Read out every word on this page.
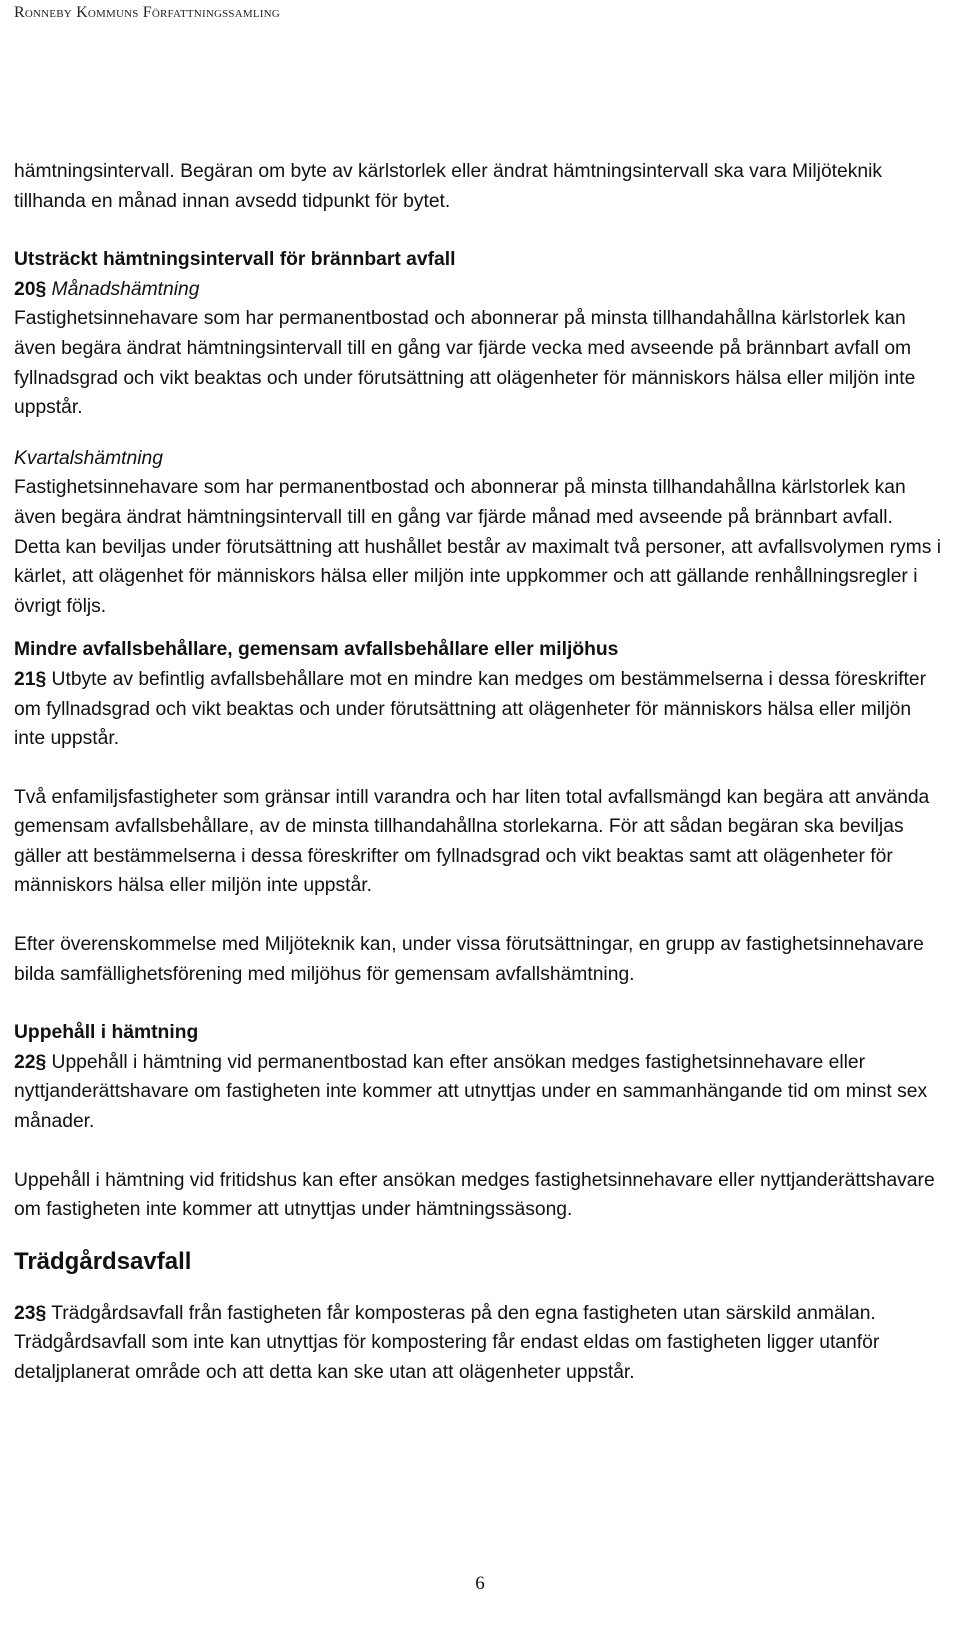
Ronneby Kommuns Författningssamling

hämtningsintervall. Begäran om byte av kärlstorlek eller ändrat hämtningsintervall ska vara Miljöteknik tillhanda en månad innan avsedd tidpunkt för bytet.

Utsträckt hämtningsintervall för brännbart avfall

20§ Månadshämtning

Fastighetsinnehavare som har permanentbostad och abonnerar på minsta tillhandahållna kärlstorlek kan även begära ändrat hämtningsintervall till en gång var fjärde vecka med avseende på brännbart avfall om fyllnadsgrad och vikt beaktas och under förutsättning att olägenheter för människors hälsa eller miljön inte uppstår.

Kvartalshämtning

Fastighetsinnehavare som har permanentbostad och abonnerar på minsta tillhandahållna kärlstorlek kan även begära ändrat hämtningsintervall till en gång var fjärde månad med avseende på brännbart avfall. Detta kan beviljas under förutsättning att hushållet består av maximalt två personer, att avfallsvolymen ryms i kärlet, att olägenhet för människors hälsa eller miljön inte uppkommer och att gällande renhållningsregler i övrigt följs.

Mindre avfallsbehållare, gemensam avfallsbehållare eller miljöhus

21§ Utbyte av befintlig avfallsbehållare mot en mindre kan medges om bestämmelserna i dessa föreskrifter om fyllnadsgrad och vikt beaktas och under förutsättning att olägenheter för människors hälsa eller miljön inte uppstår.

Två enfamiljsfastigheter som gränsar intill varandra och har liten total avfallsmängd kan begära att använda gemensam avfallsbehållare, av de minsta tillhandahållna storlekarna. För att sådan begäran ska beviljas gäller att bestämmelserna i dessa föreskrifter om fyllnadsgrad och vikt beaktas samt att olägenheter för människors hälsa eller miljön inte uppstår.

Efter överenskommelse med Miljöteknik kan, under vissa förutsättningar, en grupp av fastighetsinnehavare bilda samfällighetsförening med miljöhus för gemensam avfallshämtning.

Uppehåll i hämtning

22§ Uppehåll i hämtning vid permanentbostad kan efter ansökan medges fastighetsinnehavare eller nyttjanderättshavare om fastigheten inte kommer att utnyttjas under en sammanhängande tid om minst sex månader.

Uppehåll i hämtning vid fritidshus kan efter ansökan medges fastighetsinnehavare eller nyttjanderättshavare om fastigheten inte kommer att utnyttjas under hämtningssäsong.

Trädgårdsavfall

23§ Trädgårdsavfall från fastigheten får komposteras på den egna fastigheten utan särskild anmälan. Trädgårdsavfall som inte kan utnyttjas för kompostering får endast eldas om fastigheten ligger utanför detaljplanerat område och att detta kan ske utan att olägenheter uppstår.

6
